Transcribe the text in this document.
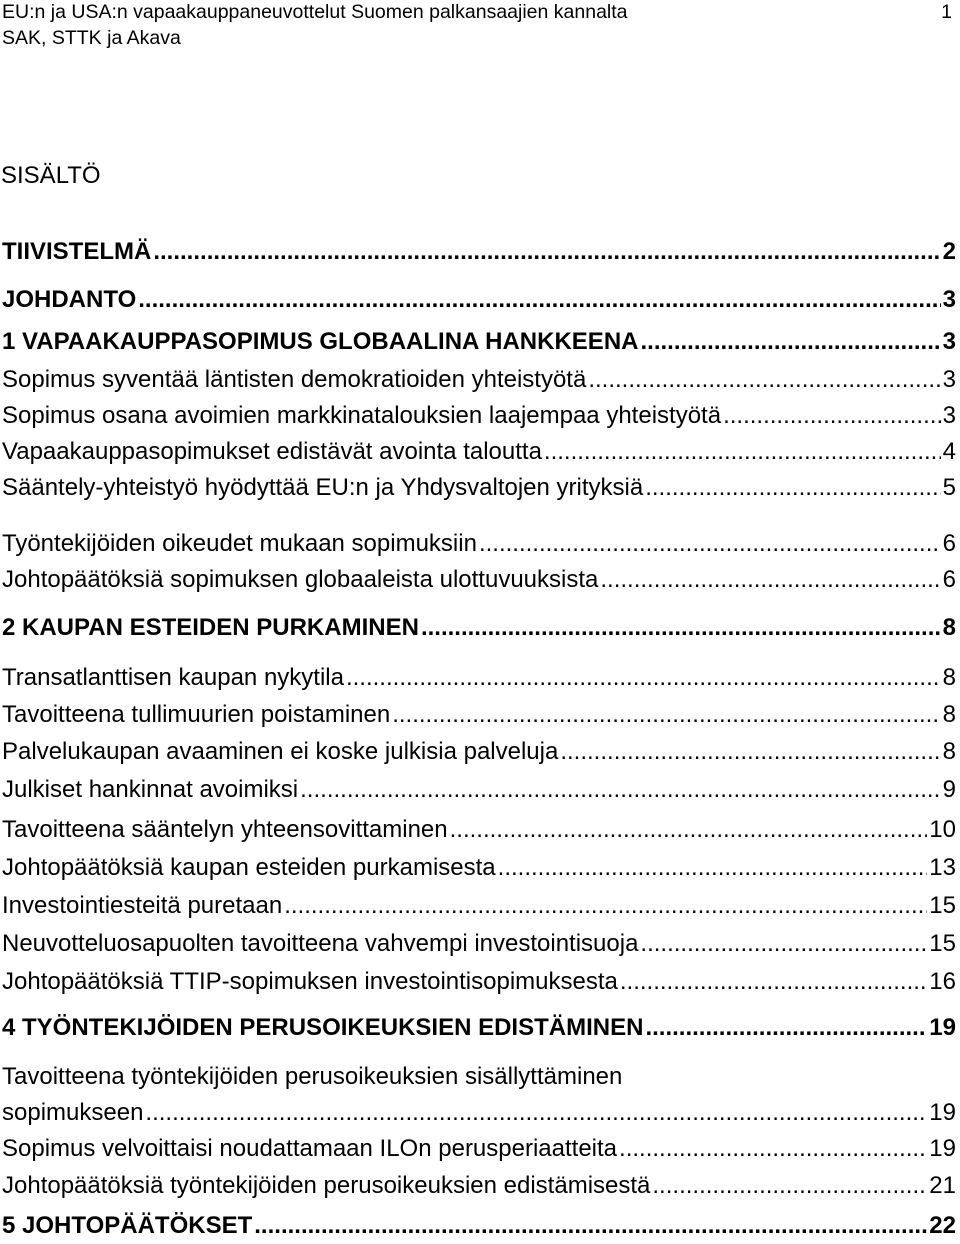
EU:n ja USA:n vapaakauppaneuvottelut Suomen palkansaajien kannalta
SAK, STTK ja Akava
1
SISÄLTÖ
TIIVISTELMÄ .....	2
JOHDANTO .....	3
1 VAPAAKAUPPASOPIMUS GLOBAALINA HANKKEENA .....	3
Sopimus syventää läntisten demokratioiden yhteistyötä .....	3
Sopimus osana avoimien markkinatalouksien laajempaa yhteistyötä .....	3
Vapaakauppasopimukset edistävät avointa taloutta .....	4
Sääntely-yhteistyö hyödyttää EU:n ja Yhdysvaltojen yrityksiä .....	5
Työntekijöiden oikeudet mukaan sopimuksiin .....	6
Johtopäätöksiä sopimuksen globaaleista ulottuvuuksista .....	6
2 KAUPAN ESTEIDEN PURKAMINEN .....	8
Transatlanttisen kaupan nykytila .....	8
Tavoitteena tullimuurien poistaminen .....	8
Palvelukaupan avaaminen ei koske julkisia palveluja .....	8
Julkiset hankinnat avoimiksi .....	9
Tavoitteena sääntelyn yhteensovittaminen .....	10
Johtopäätöksiä kaupan esteiden purkamisesta .....	13
Investointiesteitä puretaan .....	15
Neuvotteluosapuolten tavoitteena vahvempi investointisuoja .....	15
Johtopäätöksiä TTIP-sopimuksen investointisopimuksesta .....	16
4 TYÖNTEKIJÖIDEN PERUSOIKEUKSIEN EDISTÄMINEN .....	19
Tavoitteena työntekijöiden perusoikeuksien sisällyttäminen
sopimukseen .....	19
Sopimus velvoittaisi noudattamaan ILOn perusperiaatteita .....	19
Johtopäätöksiä työntekijöiden perusoikeuksien edistämisestä .....	21
5 JOHTOPÄÄTÖKSET .....	22
